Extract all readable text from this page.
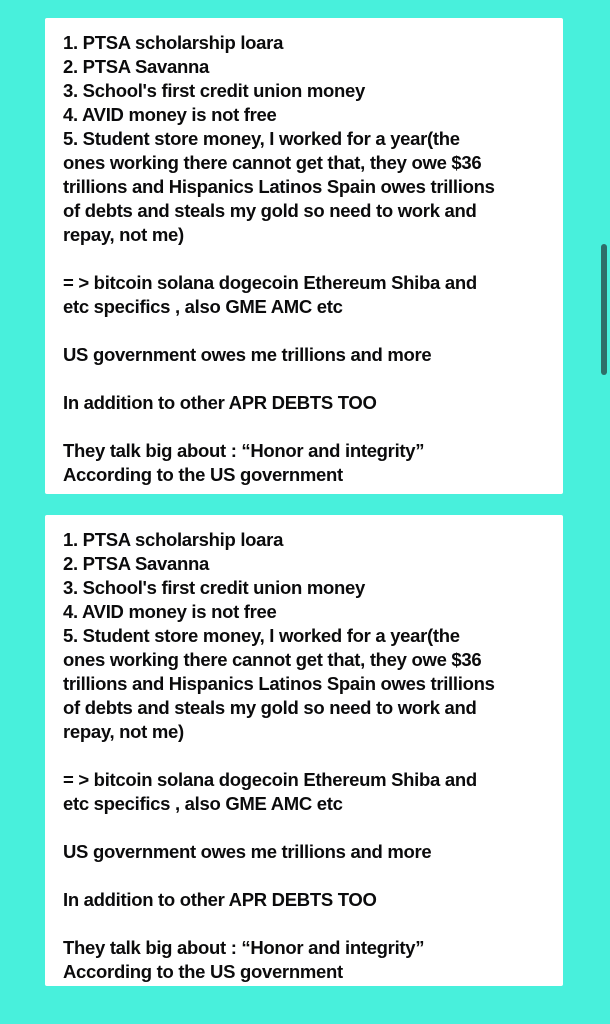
1. PTSA scholarship loara
2. PTSA Savanna
3. School's first credit union money
4. AVID money is not free
5. Student store money, I worked for a year(the
ones working there cannot get that, they owe $36
trillions and Hispanics Latinos Spain owes trillions
of debts and steals my gold so need to work and
repay, not me)
= > bitcoin solana dogecoin Ethereum Shiba and
etc specifics , also GME AMC etc
US government owes me trillions and more
In addition to other APR DEBTS TOO
They talk big about : “Honor and integrity”
According to the US government
1. PTSA scholarship loara
2. PTSA Savanna
3. School's first credit union money
4. AVID money is not free
5. Student store money, I worked for a year(the
ones working there cannot get that, they owe $36
trillions and Hispanics Latinos Spain owes trillions
of debts and steals my gold so need to work and
repay, not me)
= > bitcoin solana dogecoin Ethereum Shiba and
etc specifics , also GME AMC etc
US government owes me trillions and more
In addition to other APR DEBTS TOO
They talk big about : “Honor and integrity”
According to the US government
